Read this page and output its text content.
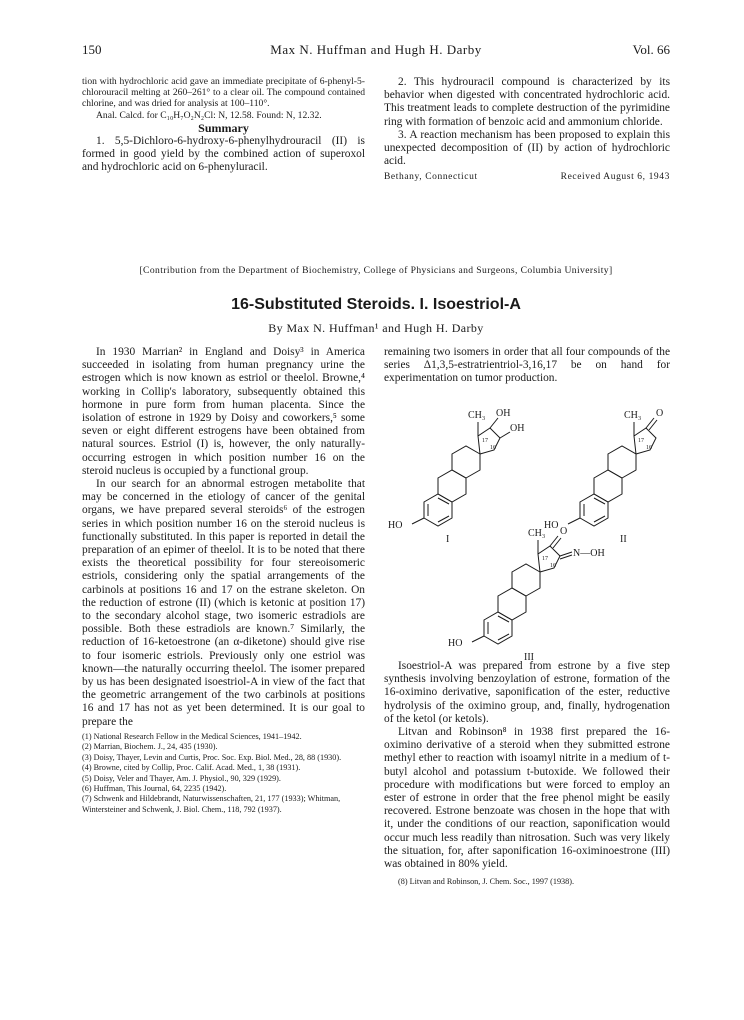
150	Max N. Huffman and Hugh H. Darby	Vol. 66

tion with hydrochloric acid gave an immediate precipitate of 6-phenyl-5-chlorouracil melting at 260–261° to a clear oil. The compound contained chlorine, and was dried for analysis at 100–110°.

Anal. Calcd. for C₁₀H₇O₂N₂Cl: N, 12.58. Found: N, 12.32.

Summary

1. 5,5-Dichloro-6-hydroxy-6-phenylhydrouracil (II) is formed in good yield by the combined action of superoxol and hydrochloric acid on 6-phenyluracil.

2. This hydrouracil compound is characterized by its behavior when digested with concentrated hydrochloric acid. This treatment leads to complete destruction of the pyrimidine ring with formation of benzoic acid and ammonium chloride.

3. A reaction mechanism has been proposed to explain this unexpected decomposition of (II) by action of hydrochloric acid.

Bethany, Connecticut	Received August 6, 1943
[Contribution from the Department of Biochemistry, College of Physicians and Surgeons, Columbia University]
16-Substituted Steroids. I. Isoestriol-A
By Max N. Huffman¹ and Hugh H. Darby

In 1930 Marrian² in England and Doisy³ in America succeeded in isolating from human pregnancy urine the estrogen which is now known as estriol or theelol. Browne,⁴ working in Collip's laboratory, subsequently obtained this hormone in pure form from human placenta. Since the isolation of estrone in 1929 by Doisy and coworkers,⁵ some seven or eight different estrogens have been obtained from natural sources. Estriol (I) is, however, the only naturally-occurring estrogen in which position number 16 on the steroid nucleus is occupied by a functional group.

In our search for an abnormal estrogen metabolite that may be concerned in the etiology of cancer of the genital organs, we have prepared several steroids⁶ of the estrogen series in which position number 16 on the steroid nucleus is functionally substituted. In this paper is reported in detail the preparation of an epimer of theelol. It is to be noted that there exists the theoretical possibility for four stereoisomeric estriols, considering only the spatial arrangements of the carbinols at positions 16 and 17 on the estrane skeleton. On the reduction of estrone (II) (which is ketonic at position 17) to the secondary alcohol stage, two isomeric estradiols are possible. Both these estradiols are known.⁷ Similarly, the reduction of 16-ketoestrone (an α-diketone) should give rise to four isomeric estriols. Previously only one estriol was known—the naturally occurring theelol. The isomer prepared by us has been designated isoestriol-A in view of the fact that the geometric arrangement of the two carbinols at positions 16 and 17 has not as yet been determined. It is our goal to prepare the

(1) National Research Fellow in the Medical Sciences, 1941–1942.
(2) Marrian, Biochem. J., 24, 435 (1930).
(3) Doisy, Thayer, Levin and Curtis, Proc. Soc. Exp. Biol. Med., 28, 88 (1930).
(4) Browne, cited by Collip, Proc. Calif. Acad. Med., 1, 38 (1931).
(5) Doisy, Veler and Thayer, Am. J. Physiol., 90, 329 (1929).
(6) Huffman, This Journal, 64, 2235 (1942).
(7) Schwenk and Hildebrandt, Naturwissenschaften, 21, 177 (1933); Whitman, Wintersteiner and Schwenk, J. Biol. Chem., 118, 792 (1937).

remaining two isomers in order that all four compounds of the series Δ1,3,5-estratrientriol-3,16,17 be on hand for experimentation on tumor production.

CH₃ OH
OH
17
16
HO
I
CH₃ O
17
16
HO
II
CH₃ O
N—OH
17
16
HO
III

Isoestriol-A was prepared from estrone by a five step synthesis involving benzoylation of estrone, formation of the 16-oximino derivative, saponification of the ester, reductive hydrolysis of the oximino group, and, finally, hydrogenation of the ketol (or ketols).

Litvan and Robinson⁸ in 1938 first prepared the 16-oximino derivative of a steroid when they submitted estrone methyl ether to reaction with isoamyl nitrite in a medium of t-butyl alcohol and potassium t-butoxide. We followed their procedure with modifications but were forced to employ an ester of estrone in order that the free phenol might be easily recovered. Estrone benzoate was chosen in the hope that with it, under the conditions of our reaction, saponification would occur much less readily than nitrosation. Such was very likely the situation, for, after saponification 16-oximinoestrone (III) was obtained in 80% yield.

(8) Litvan and Robinson, J. Chem. Soc., 1997 (1938).
